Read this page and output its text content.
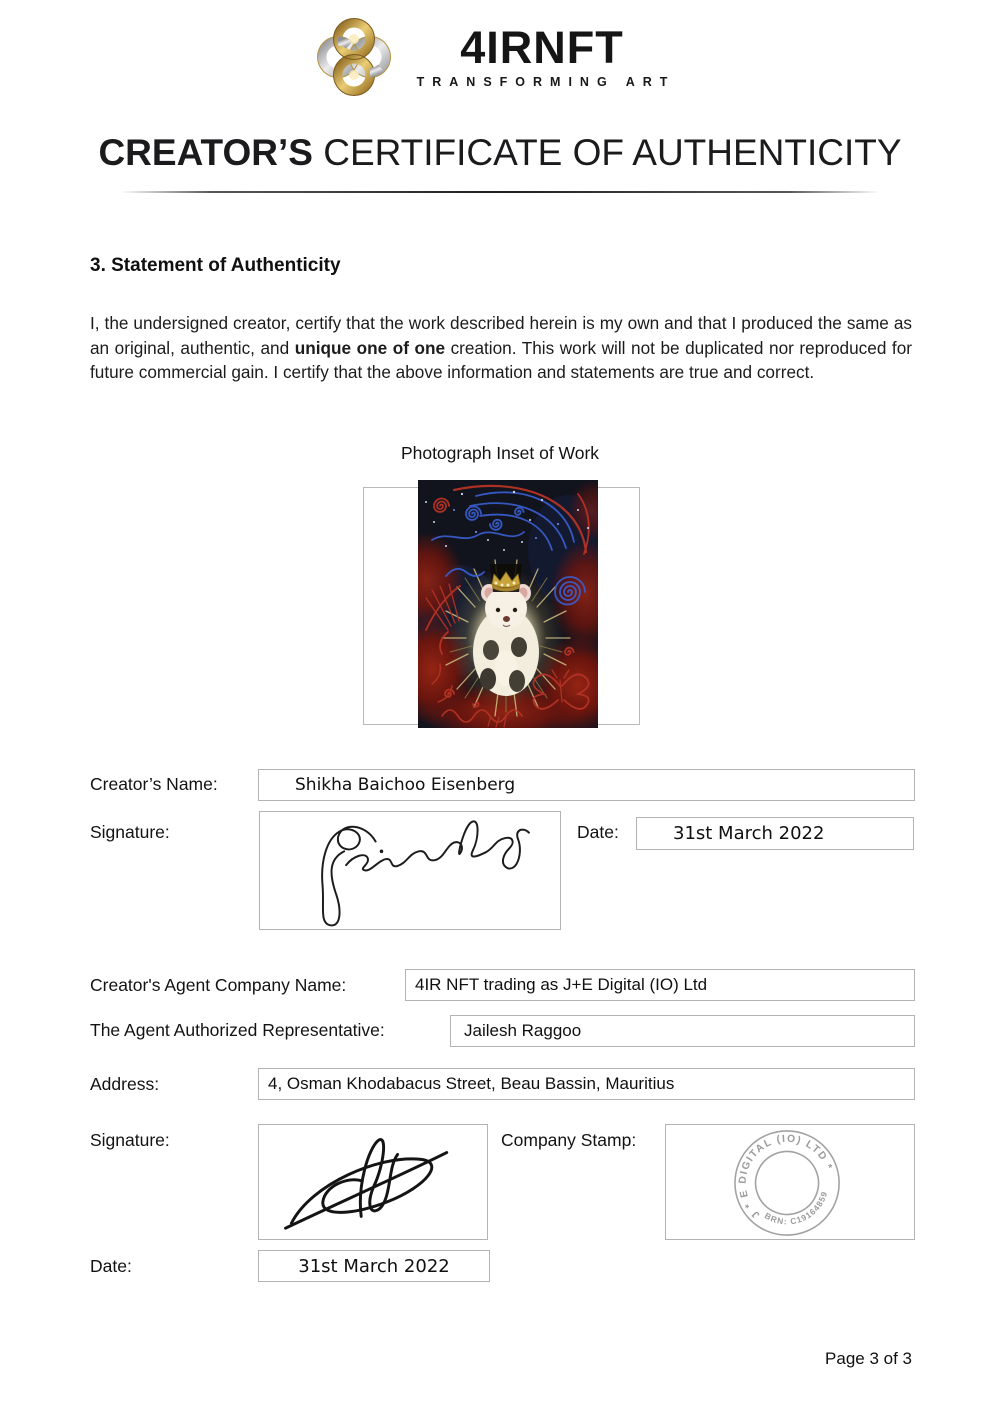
4IRNFT
TRANSFORMING ART
CREATOR’S CERTIFICATE OF AUTHENTICITY
3. Statement of Authenticity
I, the undersigned creator, certify that the work described herein is my own and that I produced the same as an original, authentic, and unique one of one creation. This work will not be duplicated nor reproduced for future commercial gain. I certify that the above information and statements are true and correct.
Photograph Inset of Work
Creator’s Name:	Shikha Baichoo Eisenberg
Signature:	Date:	31st March 2022
Creator's Agent Company Name:	4IR NFT trading as J+E Digital (IO) Ltd
The Agent Authorized Representative:	Jailesh Raggoo
Address:	4, Osman Khodabacus Street, Beau Bassin, Mauritius
Signature:	Company Stamp:
J * E DIGITAL (IO) LTD *
BRN: C19164859
Date:	31st March 2022
Page 3 of 3
